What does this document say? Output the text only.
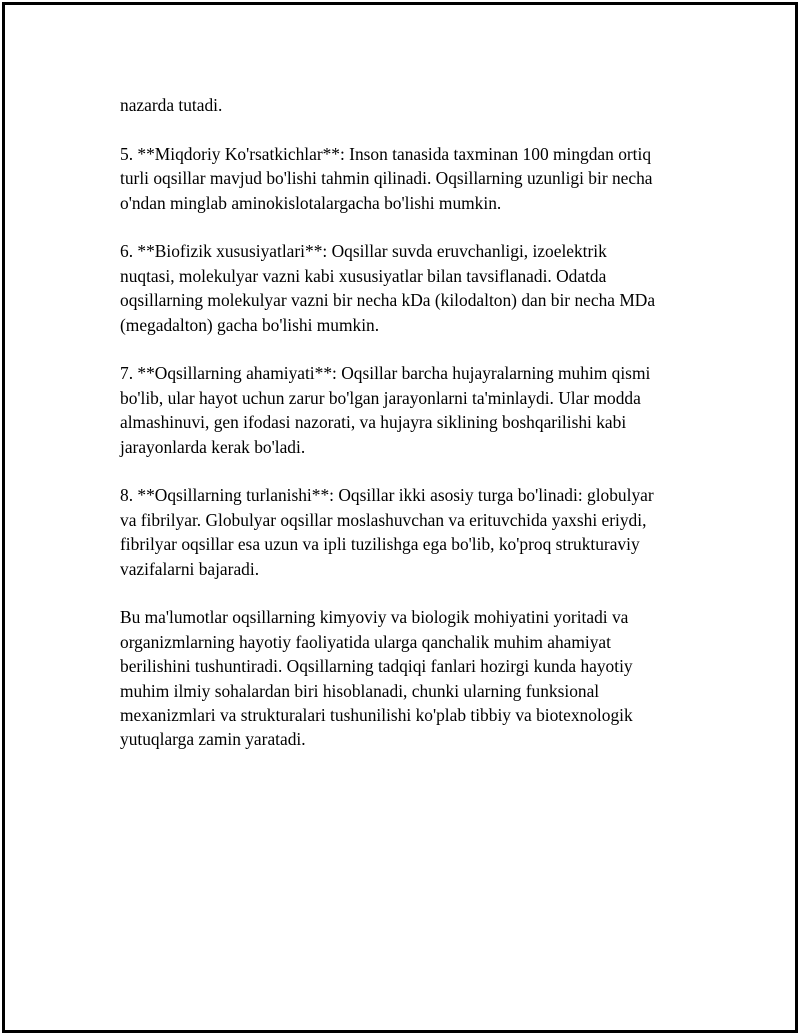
nazarda tutadi.

5. **Miqdoriy Ko'rsatkichlar**: Inson tanasida taxminan 100 mingdan ortiq
turli oqsillar mavjud bo'lishi tahmin qilinadi. Oqsillarning uzunligi bir necha
o'ndan minglab aminokislotalargacha bo'lishi mumkin.

6. **Biofizik xususiyatlari**: Oqsillar suvda eruvchanligi, izoelektrik
nuqtasi, molekulyar vazni kabi xususiyatlar bilan tavsiflanadi. Odatda
oqsillarning molekulyar vazni bir necha kDa (kilodalton) dan bir necha MDa
(megadalton) gacha bo'lishi mumkin.

7. **Oqsillarning ahamiyati**: Oqsillar barcha hujayralarning muhim qismi
bo'lib, ular hayot uchun zarur bo'lgan jarayonlarni ta'minlaydi. Ular modda
almashinuvi, gen ifodasi nazorati, va hujayra siklining boshqarilishi kabi
jarayonlarda kerak bo'ladi.

8. **Oqsillarning turlanishi**: Oqsillar ikki asosiy turga bo'linadi: globulyar
va fibrilyar. Globulyar oqsillar moslashuvchan va erituvchida yaxshi eriydi,
fibrilyar oqsillar esa uzun va ipli tuzilishga ega bo'lib, ko'proq strukturaviy
vazifalarni bajaradi.

Bu ma'lumotlar oqsillarning kimyoviy va biologik mohiyatini yoritadi va
organizmlarning hayotiy faoliyatida ularga qanchalik muhim ahamiyat
berilishini tushuntiradi. Oqsillarning tadqiqi fanlari hozirgi kunda hayotiy
muhim ilmiy sohalardan biri hisoblanadi, chunki ularning funksional
mexanizmlari va strukturalari tushunilishi ko'plab tibbiy va biotexnologik
yutuqlarga zamin yaratadi.
